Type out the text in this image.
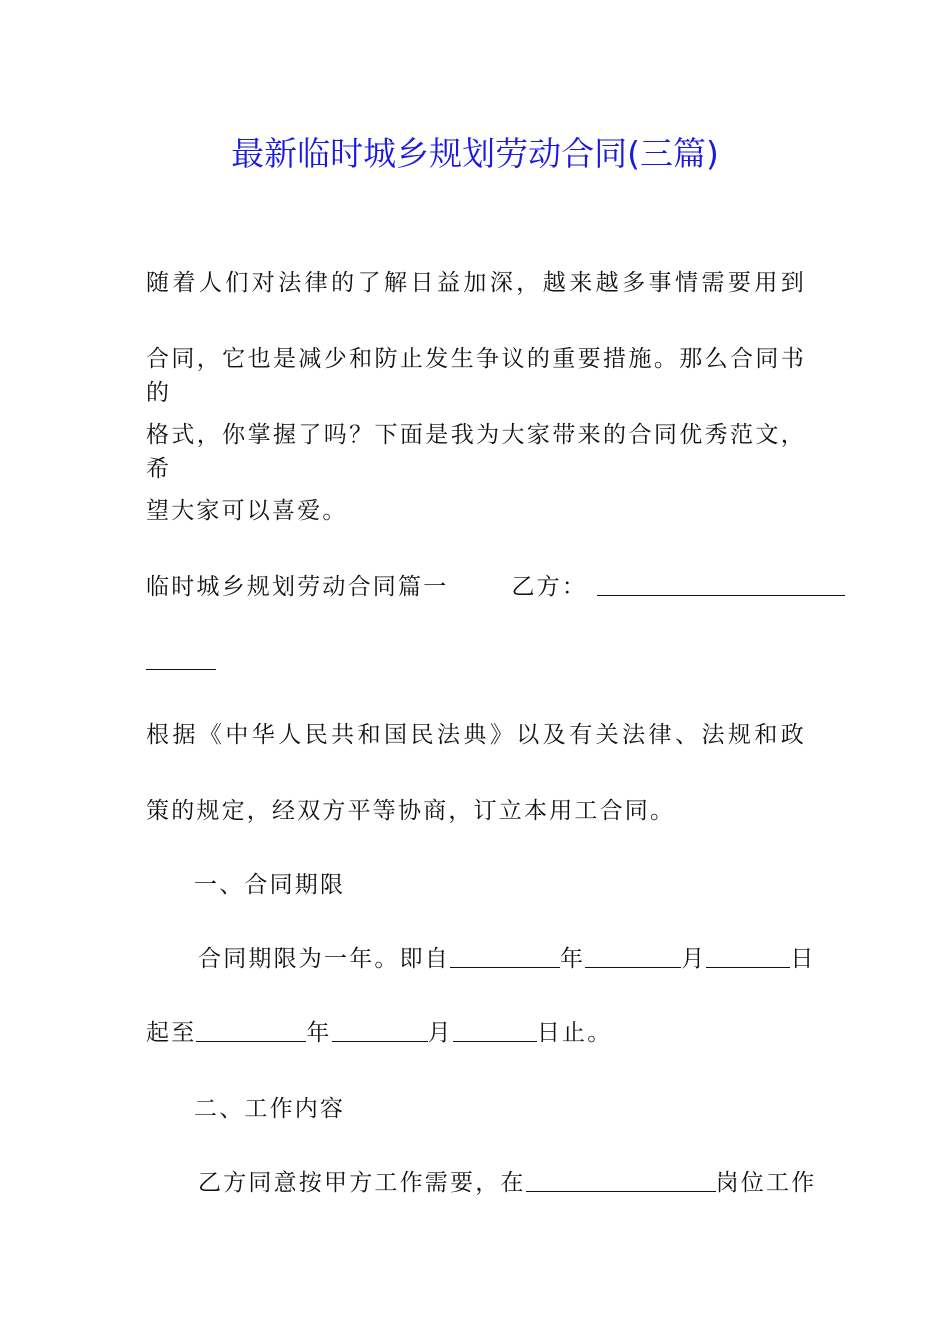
最新临时城乡规划劳动合同(三篇)
随着人们对法律的了解日益加深，越来越多事情需要用到
合同，它也是减少和防止发生争议的重要措施。那么合同书的
格式，你掌握了吗？下面是我为大家带来的合同优秀范文，希
望大家可以喜爱。
临时城乡规划劳动合同篇一	乙方：
根据《中华人民共和国民法典》以及有关法律、法规和政
策的规定，经双方平等协商，订立本用工合同。
一、合同期限
合同期限为一年。即自	年	月	日
起至	年	月	日止。
二、工作内容
乙方同意按甲方工作需要，在	岗位工作
